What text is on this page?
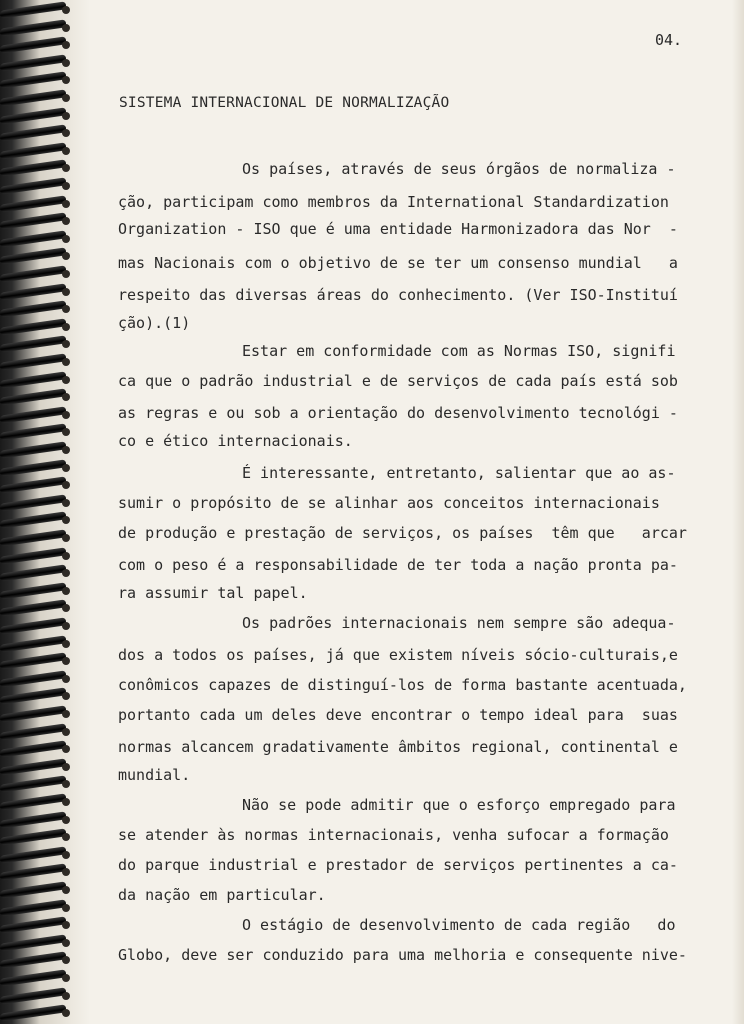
04.
SISTEMA INTERNACIONAL DE NORMALIZAÇÃO
Os países, através de seus órgãos de normaliza -
ção, participam como membros da International Standardization
Organization - ISO que é uma entidade Harmonizadora das Nor  -
mas Nacionais com o objetivo de se ter um consenso mundial   a
respeito das diversas áreas do conhecimento. (Ver ISO-Instituí
ção).(1)
Estar em conformidade com as Normas ISO, signifi
ca que o padrão industrial e de serviços de cada país está sob
as regras e ou sob a orientação do desenvolvimento tecnológi -
co e ético internacionais.
É interessante, entretanto, salientar que ao as-
sumir o propósito de se alinhar aos conceitos internacionais
de produção e prestação de serviços, os países  têm que   arcar
com o peso é a responsabilidade de ter toda a nação pronta pa-
ra assumir tal papel.
Os padrões internacionais nem sempre são adequa-
dos a todos os países, já que existem níveis sócio-culturais,e
conômicos capazes de distinguí-los de forma bastante acentuada,
portanto cada um deles deve encontrar o tempo ideal para  suas
normas alcancem gradativamente âmbitos regional, continental e
mundial.
Não se pode admitir que o esforço empregado para
se atender às normas internacionais, venha sufocar a formação
do parque industrial e prestador de serviços pertinentes a ca-
da nação em particular.
O estágio de desenvolvimento de cada região   do
Globo, deve ser conduzido para uma melhoria e consequente nive-
